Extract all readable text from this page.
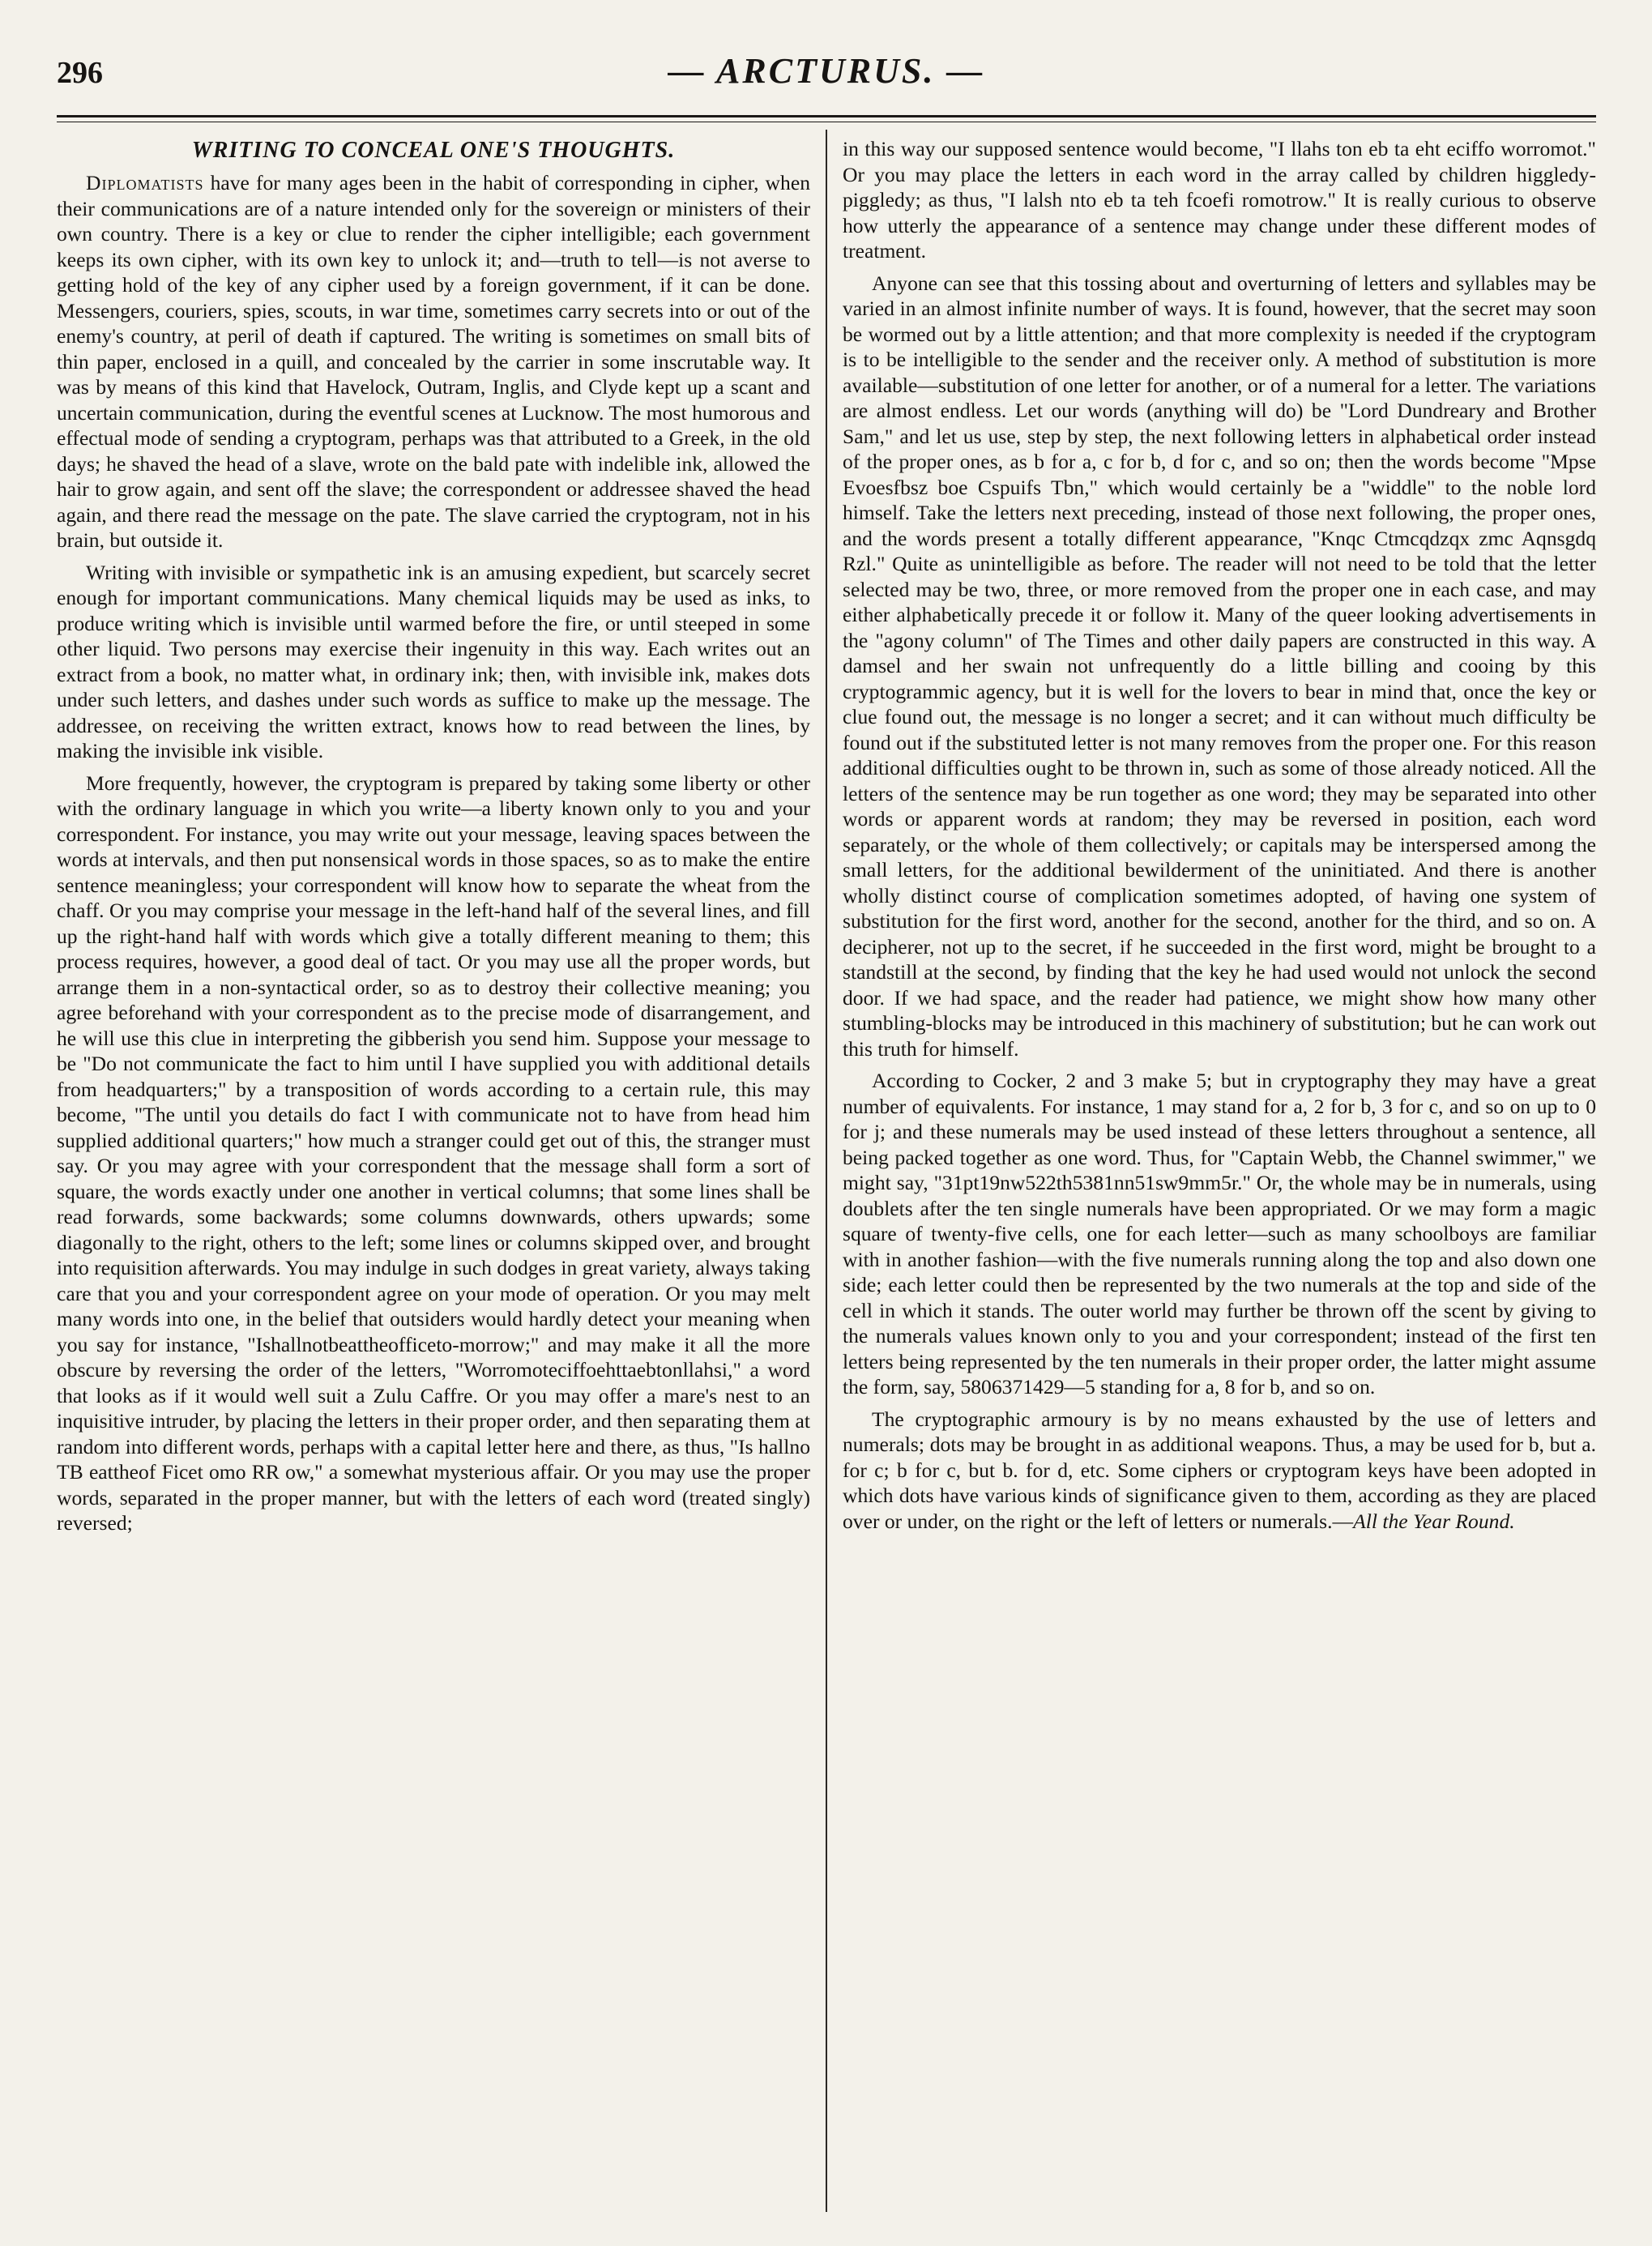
296	— ARCTURUS. —
WRITING TO CONCEAL ONE'S THOUGHTS.

Diplomatists have for many ages been in the habit of corresponding in cipher, when their communications are of a nature intended only for the sovereign or ministers of their own country. There is a key or clue to render the cipher intelligible; each government keeps its own cipher, with its own key to unlock it; and—truth to tell—is not averse to getting hold of the key of any cipher used by a foreign government, if it can be done. Messengers, couriers, spies, scouts, in war time, sometimes carry secrets into or out of the enemy's country, at peril of death if captured. The writing is sometimes on small bits of thin paper, enclosed in a quill, and concealed by the carrier in some inscrutable way. It was by means of this kind that Havelock, Outram, Inglis, and Clyde kept up a scant and uncertain communication, during the eventful scenes at Lucknow. The most humorous and effectual mode of sending a cryptogram, perhaps was that attributed to a Greek, in the old days; he shaved the head of a slave, wrote on the bald pate with indelible ink, allowed the hair to grow again, and sent off the slave; the correspondent or addressee shaved the head again, and there read the message on the pate. The slave carried the cryptogram, not in his brain, but outside it.

Writing with invisible or sympathetic ink is an amusing expedient, but scarcely secret enough for important communications. Many chemical liquids may be used as inks, to produce writing which is invisible until warmed before the fire, or until steeped in some other liquid. Two persons may exercise their ingenuity in this way. Each writes out an extract from a book, no matter what, in ordinary ink; then, with invisible ink, makes dots under such letters, and dashes under such words as suffice to make up the message. The addressee, on receiving the written extract, knows how to read between the lines, by making the invisible ink visible.

More frequently, however, the cryptogram is prepared by taking some liberty or other with the ordinary language in which you write—a liberty known only to you and your correspondent. For instance, you may write out your message, leaving spaces between the words at intervals, and then put nonsensical words in those spaces, so as to make the entire sentence meaningless; your correspondent will know how to separate the wheat from the chaff. Or you may comprise your message in the left-hand half of the several lines, and fill up the right-hand half with words which give a totally different meaning to them; this process requires, however, a good deal of tact. Or you may use all the proper words, but arrange them in a non-syntactical order, so as to destroy their collective meaning; you agree beforehand with your correspondent as to the precise mode of disarrangement, and he will use this clue in interpreting the gibberish you send him. Suppose your message to be "Do not communicate the fact to him until I have supplied you with additional details from headquarters;" by a transposition of words according to a certain rule, this may become, "The until you details do fact I with communicate not to have from head him supplied additional quarters;" how much a stranger could get out of this, the stranger must say. Or you may agree with your correspondent that the message shall form a sort of square, the words exactly under one another in vertical columns; that some lines shall be read forwards, some backwards; some columns downwards, others upwards; some diagonally to the right, others to the left; some lines or columns skipped over, and brought into requisition afterwards. You may indulge in such dodges in great variety, always taking care that you and your correspondent agree on your mode of operation. Or you may melt many words into one, in the belief that outsiders would hardly detect your meaning when you say for instance, "Ishallnotbeattheofficeto-morrow;" and may make it all the more obscure by reversing the order of the letters, "Worromoteciffoehttaebtonllahsi," a word that looks as if it would well suit a Zulu Caffre. Or you may offer a mare's nest to an inquisitive intruder, by placing the letters in their proper order, and then separating them at random into different words, perhaps with a capital letter here and there, as thus, "Is hallno TB eattheof Ficet omo RR ow," a somewhat mysterious affair. Or you may use the proper words, separated in the proper manner, but with the letters of each word (treated singly) reversed;

in this way our supposed sentence would become, "I llahs ton eb ta eht eciffo worromot." Or you may place the letters in each word in the array called by children higgledy-piggledy; as thus, "I lalsh nto eb ta teh fcoefi romotrow." It is really curious to observe how utterly the appearance of a sentence may change under these different modes of treatment.

Anyone can see that this tossing about and overturning of letters and syllables may be varied in an almost infinite number of ways. It is found, however, that the secret may soon be wormed out by a little attention; and that more complexity is needed if the cryptogram is to be intelligible to the sender and the receiver only. A method of substitution is more available—substitution of one letter for another, or of a numeral for a letter. The variations are almost endless. Let our words (anything will do) be "Lord Dundreary and Brother Sam," and let us use, step by step, the next following letters in alphabetical order instead of the proper ones, as b for a, c for b, d for c, and so on; then the words become "Mpse Evoesfbsz boe Cspuifs Tbn," which would certainly be a "widdle" to the noble lord himself. Take the letters next preceding, instead of those next following, the proper ones, and the words present a totally different appearance, "Knqc Ctmcqdzqx zmc Aqnsgdq Rzl." Quite as unintelligible as before. The reader will not need to be told that the letter selected may be two, three, or more removed from the proper one in each case, and may either alphabetically precede it or follow it. Many of the queer looking advertisements in the "agony column" of The Times and other daily papers are constructed in this way. A damsel and her swain not unfrequently do a little billing and cooing by this cryptogrammic agency, but it is well for the lovers to bear in mind that, once the key or clue found out, the message is no longer a secret; and it can without much difficulty be found out if the substituted letter is not many removes from the proper one. For this reason additional difficulties ought to be thrown in, such as some of those already noticed. All the letters of the sentence may be run together as one word; they may be separated into other words or apparent words at random; they may be reversed in position, each word separately, or the whole of them collectively; or capitals may be interspersed among the small letters, for the additional bewilderment of the uninitiated. And there is another wholly distinct course of complication sometimes adopted, of having one system of substitution for the first word, another for the second, another for the third, and so on. A decipherer, not up to the secret, if he succeeded in the first word, might be brought to a standstill at the second, by finding that the key he had used would not unlock the second door. If we had space, and the reader had patience, we might show how many other stumbling-blocks may be introduced in this machinery of substitution; but he can work out this truth for himself.

According to Cocker, 2 and 3 make 5; but in cryptography they may have a great number of equivalents. For instance, 1 may stand for a, 2 for b, 3 for c, and so on up to 0 for j; and these numerals may be used instead of these letters throughout a sentence, all being packed together as one word. Thus, for "Captain Webb, the Channel swimmer," we might say, "31pt19nw522th5381nn51sw9mm5r." Or, the whole may be in numerals, using doublets after the ten single numerals have been appropriated. Or we may form a magic square of twenty-five cells, one for each letter—such as many schoolboys are familiar with in another fashion—with the five numerals running along the top and also down one side; each letter could then be represented by the two numerals at the top and side of the cell in which it stands. The outer world may further be thrown off the scent by giving to the numerals values known only to you and your correspondent; instead of the first ten letters being represented by the ten numerals in their proper order, the latter might assume the form, say, 5806371429—5 standing for a, 8 for b, and so on.

The cryptographic armoury is by no means exhausted by the use of letters and numerals; dots may be brought in as additional weapons. Thus, a may be used for b, but a. for c; b for c, but b. for d, etc. Some ciphers or cryptogram keys have been adopted in which dots have various kinds of significance given to them, according as they are placed over or under, on the right or the left of letters or numerals.—All the Year Round.
